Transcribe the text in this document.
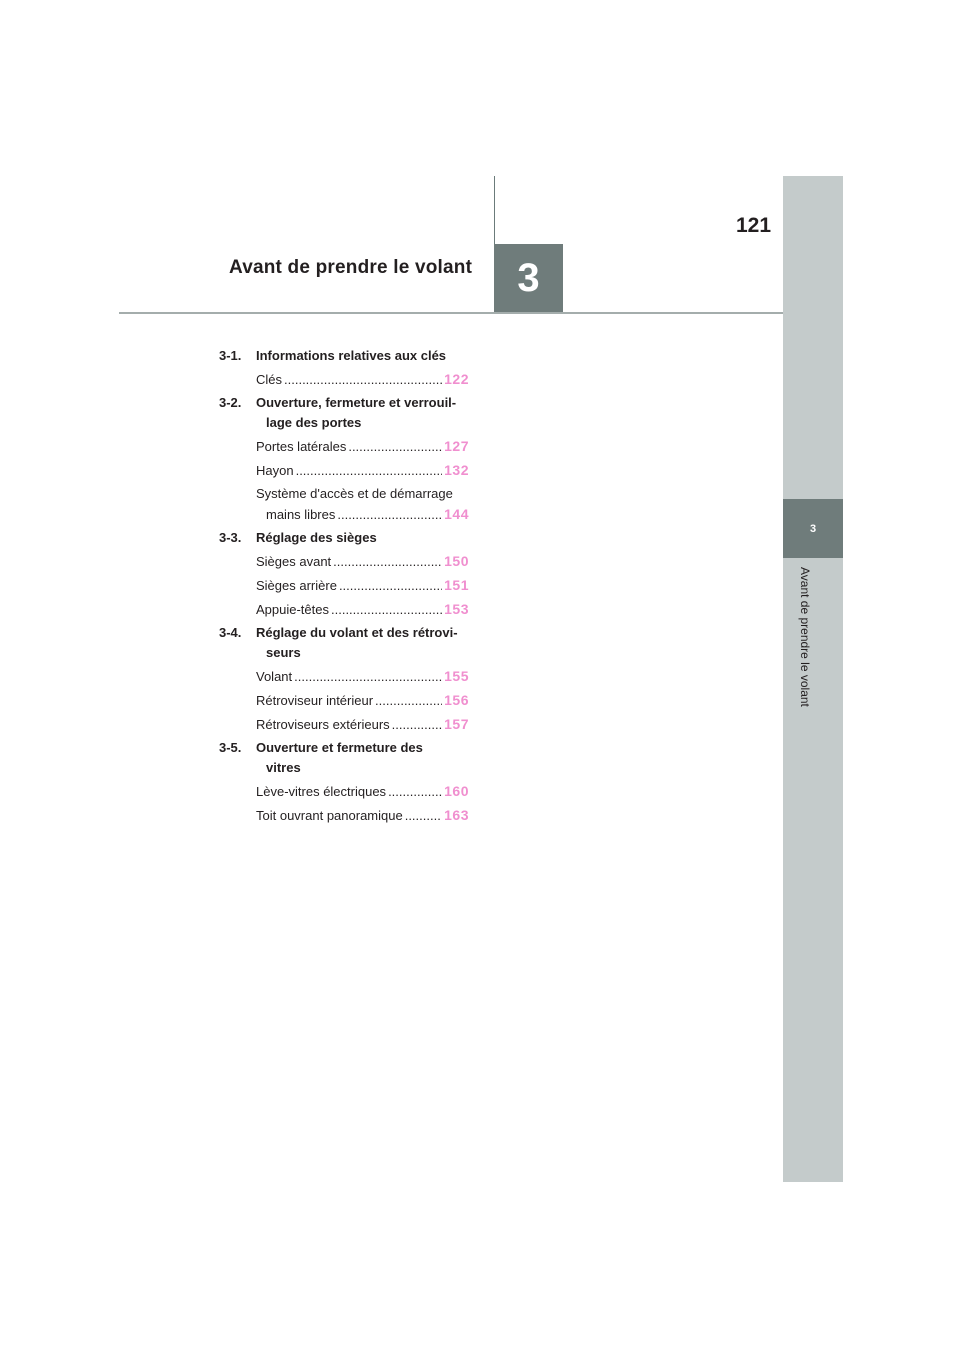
121
3
Avant de prendre le volant
3
Avant de prendre le volant
3-1. Informations relatives aux clés
Clés .....	122
3-2. Ouverture, fermeture et verrouil-
lage des portes
Portes latérales .....	127
Hayon .....	132
Système d'accès et de démarrage
mains libres .....	144
3-3. Réglage des sièges
Sièges avant .....	150
Sièges arrière .....	151
Appuie-têtes .....	153
3-4. Réglage du volant et des rétrovi-
seurs
Volant .....	155
Rétroviseur intérieur .....	156
Rétroviseurs extérieurs .....	157
3-5. Ouverture et fermeture des
vitres
Lève-vitres électriques .....	160
Toit ouvrant panoramique .....	163
